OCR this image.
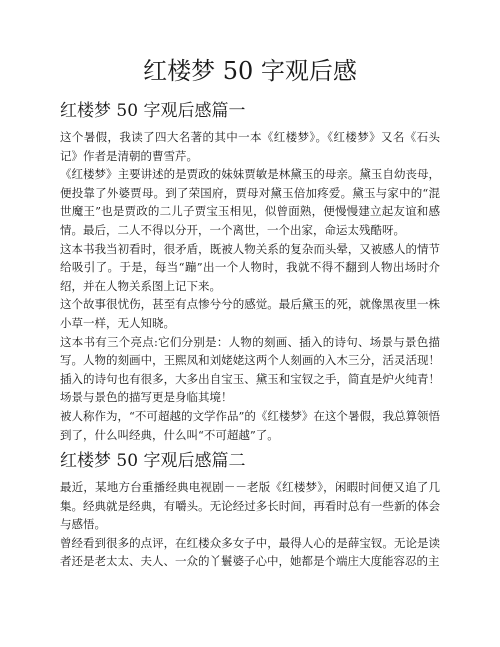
红楼梦 50 字观后感
红楼梦 50 字观后感篇一

这个暑假，我读了四大名著的其中一本《红楼梦》。《红楼梦》又名《石头记》作者是清朝的曹雪芹。

《红楼梦》主要讲述的是贾政的妹妹贾敏是林黛玉的母亲。黛玉自幼丧母，便投靠了外婆贾母。到了荣国府，贾母对黛玉倍加疼爱。黛玉与家中的“混世魔王”也是贾政的二儿子贾宝玉相见，似曾面熟，便慢慢建立起友谊和感情。最后，二人不得以分开，一个离世，一个出家，命运太残酷呀。

这本书我当初看时，很矛盾，既被人物关系的复杂而头晕，又被感人的情节给吸引了。于是，每当“蹦”出一个人物时，我就不得不翻到人物出场时介绍，并在人物关系图上记下来。

这个故事很忧伤，甚至有点惨兮兮的感觉。最后黛玉的死，就像黑夜里一株小草一样，无人知晓。

这本书有三个亮点:它们分别是：人物的刻画、插入的诗句、场景与景色描写。人物的刻画中，王熙凤和刘姥姥这两个人刻画的入木三分，活灵活现！插入的诗句也有很多，大多出自宝玉、黛玉和宝钗之手，简直是炉火纯青！场景与景色的描写更是身临其境！

被人称作为，“不可超越的文学作品”的《红楼梦》在这个暑假，我总算领悟到了，什么叫经典，什么叫“不可超越”了。

红楼梦 50 字观后感篇二

最近，某地方台重播经典电视剧－－老版《红楼梦》，闲暇时间便又追了几集。经典就是经典，有嚼头。无论经过多长时间，再看时总有一些新的体会与感悟。

曾经看到很多的点评，在红楼众多女子中，最得人心的是薛宝钗。无论是读者还是老太太、夫人、一众的丫鬟婆子心中，她都是个端庄大度能容忍的主
